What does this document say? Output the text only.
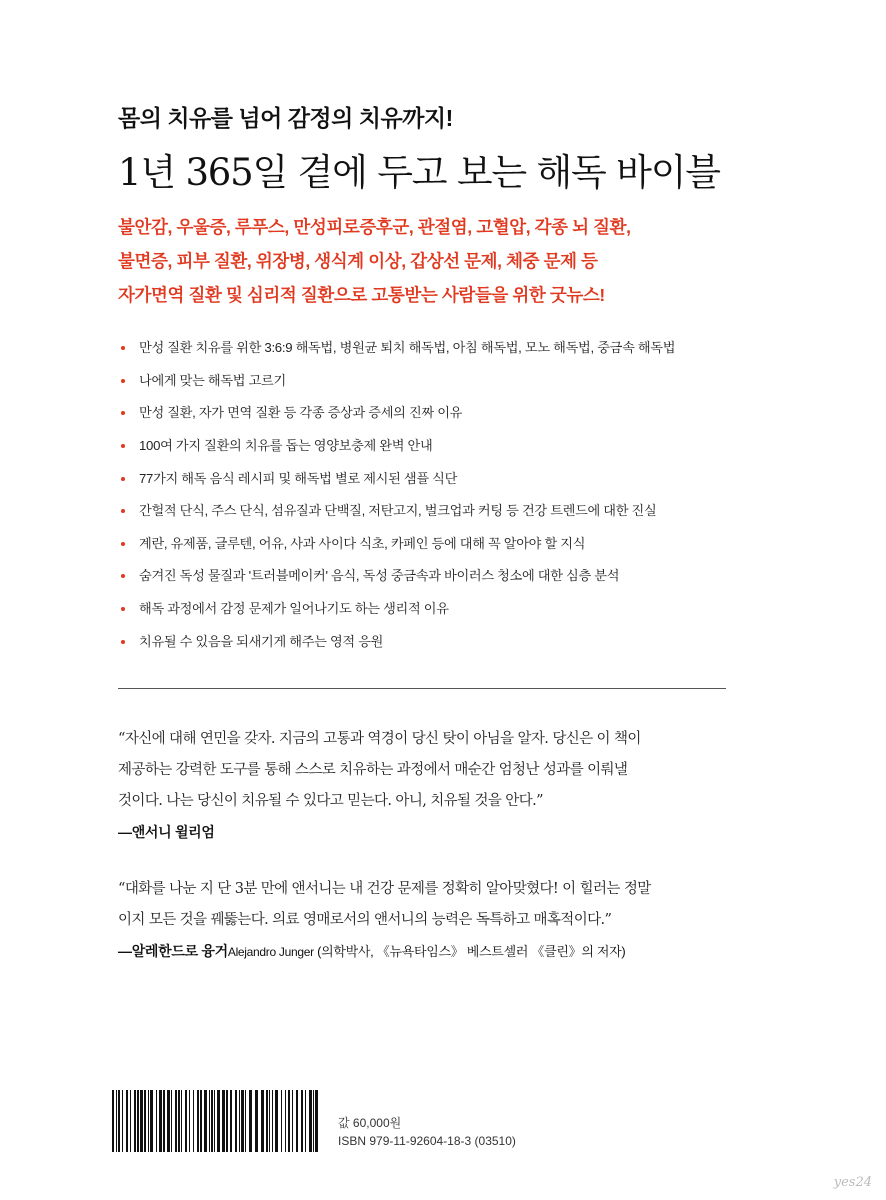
몸의 치유를 넘어 감정의 치유까지!
1년 365일 곁에 두고 보는 해독 바이블
불안감, 우울증, 루푸스, 만성피로증후군, 관절염, 고혈압, 각종 뇌 질환,
불면증, 피부 질환, 위장병, 생식계 이상, 갑상선 문제, 체중 문제 등
자가면역 질환 및 심리적 질환으로 고통받는 사람들을 위한 굿뉴스!
만성 질환 치유를 위한 3:6:9 해독법, 병원균 퇴치 해독법, 아침 해독법, 모노 해독법, 중금속 해독법
나에게 맞는 해독법 고르기
만성 질환, 자가 면역 질환 등 각종 증상과 증세의 진짜 이유
100여 가지 질환의 치유를 돕는 영양보충제 완벽 안내
77가지 해독 음식 레시피 및 해독법 별로 제시된 샘플 식단
간헐적 단식, 주스 단식, 섬유질과 단백질, 저탄고지, 벌크업과 커팅 등 건강 트렌드에 대한 진실
계란, 유제품, 글루텐, 어유, 사과 사이다 식초, 카페인 등에 대해 꼭 알아야 할 지식
숨겨진 독성 물질과 '트러블메이커' 음식, 독성 중금속과 바이러스 청소에 대한 심층 분석
해독 과정에서 감정 문제가 일어나기도 하는 생리적 이유
치유될 수 있음을 되새기게 해주는 영적 응원

“자신에 대해 연민을 갖자. 지금의 고통과 역경이 당신 탓이 아님을 알자. 당신은 이 책이

제공하는 강력한 도구를 통해 스스로 치유하는 과정에서 매순간 엄청난 성과를 이뤄낼

것이다. 나는 당신이 치유될 수 있다고 믿는다. 아니, 치유될 것을 안다.”

—앤서니 윌리엄

“대화를 나눈 지 단 3분 만에 앤서니는 내 건강 문제를 정확히 알아맞혔다! 이 힐러는 정말

이지 모든 것을 꿰뚫는다. 의료 영매로서의 앤서니의 능력은 독특하고 매혹적이다.”

—알레한드로 융거Alejandro Junger (의학박사, 《뉴욕타임스》 베스트셀러 《클린》의 저자)

값 60,000원
ISBN 979-11-92604-18-3 (03510)
yes24
